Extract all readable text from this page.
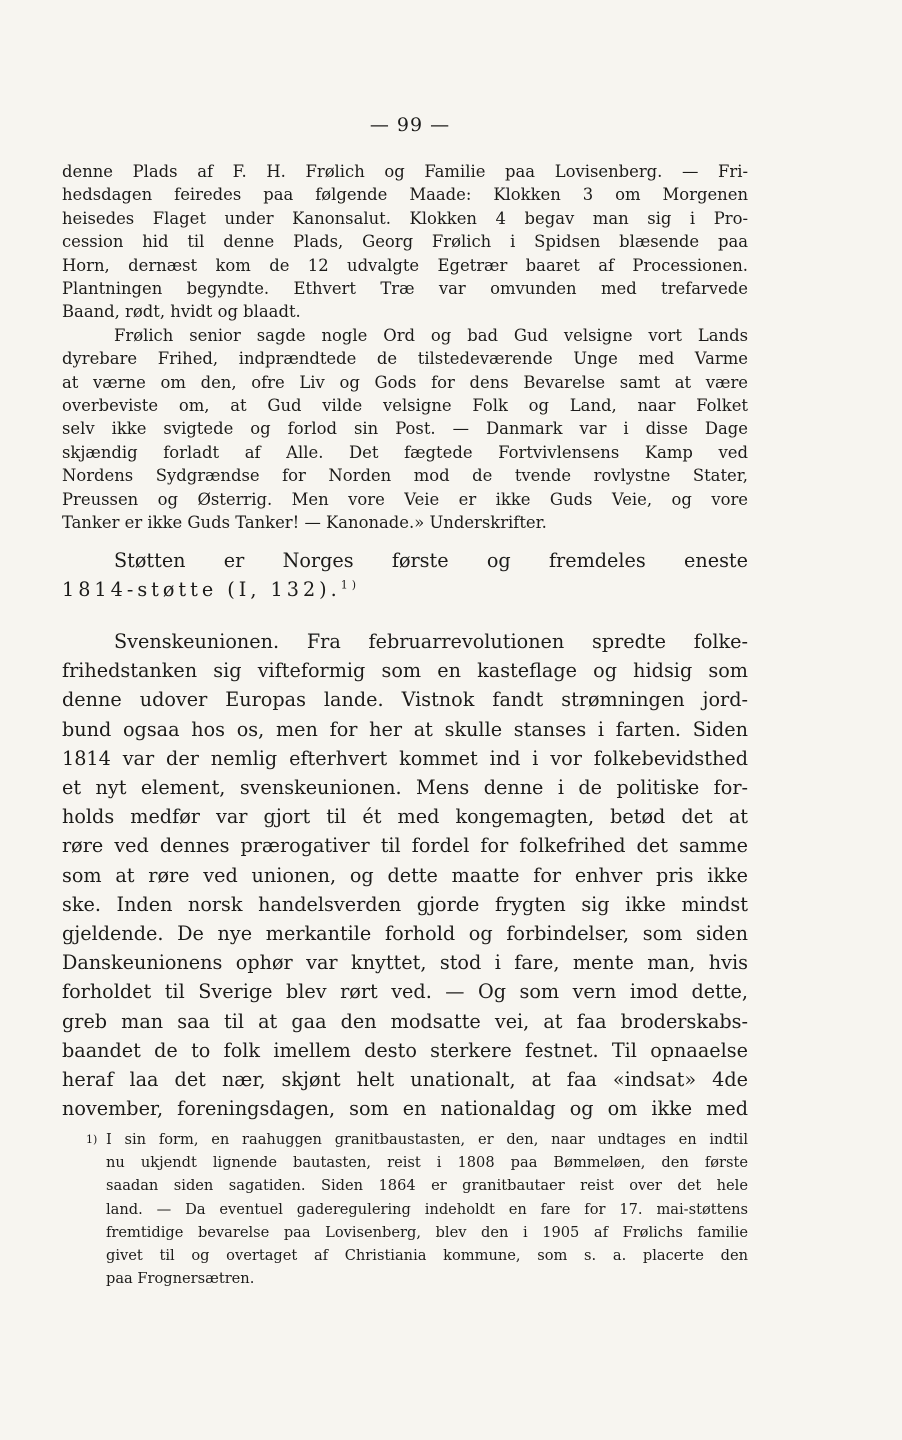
— 99 —
denne Plads af F. H. Frølich og Familie paa Lovisenberg. — Fri-
hedsdagen feiredes paa følgende Maade: Klokken 3 om Morgenen
heisedes Flaget under Kanonsalut. Klokken 4 begav man sig i Pro-
cession hid til denne Plads, Georg Frølich i Spidsen blæsende paa
Horn, dernæst kom de 12 udvalgte Egetrær baaret af Processionen.
Plantningen begyndte. Ethvert Træ var omvunden med trefarvede
Baand, rødt, hvidt og blaadt.
Frølich senior sagde nogle Ord og bad Gud velsigne vort Lands
dyrebare Frihed, indprændtede de tilstedeværende Unge med Varme
at værne om den, ofre Liv og Gods for dens Bevarelse samt at være
overbeviste om, at Gud vilde velsigne Folk og Land, naar Folket
selv ikke svigtede og forlod sin Post. — Danmark var i disse Dage
skjændig forladt af Alle. Det fægtede Fortvivlensens Kamp ved
Nordens Sydgrændse for Norden mod de tvende rovlystne Stater,
Preussen og Østerrig. Men vore Veie er ikke Guds Veie, og vore
Tanker er ikke Guds Tanker! — Kanonade.» Underskrifter.
Støtten er Norges første og fremdeles eneste
1814-støtte (I, 132).$^{1)}$
Svenskeunionen. Fra februarrevolutionen spredte folke-
frihedstanken sig vifteformig som en kasteflage og hidsig som
denne udover Europas lande. Vistnok fandt strømningen jord-
bund ogsaa hos os, men for her at skulle stanses i farten. Siden
1814 var der nemlig efterhvert kommet ind i vor folkebevidsthed
et nyt element, svenskeunionen. Mens denne i de politiske for-
holds medfør var gjort til ét med kongemagten, betød det at
røre ved dennes prærogativer til fordel for folkefrihed det samme
som at røre ved unionen, og dette maatte for enhver pris ikke
ske. Inden norsk handelsverden gjorde frygten sig ikke mindst
gjeldende. De nye merkantile forhold og forbindelser, som siden
Danskeunionens ophør var knyttet, stod i fare, mente man, hvis
forholdet til Sverige blev rørt ved. — Og som vern imod dette,
greb man saa til at gaa den modsatte vei, at faa broderskabs-
baandet de to folk imellem desto sterkere festnet. Til opnaaelse
heraf laa det nær, skjønt helt unationalt, at faa «indsat» 4de
november, foreningsdagen, som en nationaldag og om ikke med
1) I sin form, en raahuggen granitbaustasten, er den, naar undtages en indtil
nu ukjendt lignende bautasten, reist i 1808 paa Bømmeløen, den første
saadan siden sagatiden. Siden 1864 er granitbautaer reist over det hele
land. — Da eventuel gaderegulering indeholdt en fare for 17. mai-støttens
fremtidige bevarelse paa Lovisenberg, blev den i 1905 af Frølichs familie
givet til og overtaget af Christiania kommune, som s. a. placerte den
paa Frognersætren.
